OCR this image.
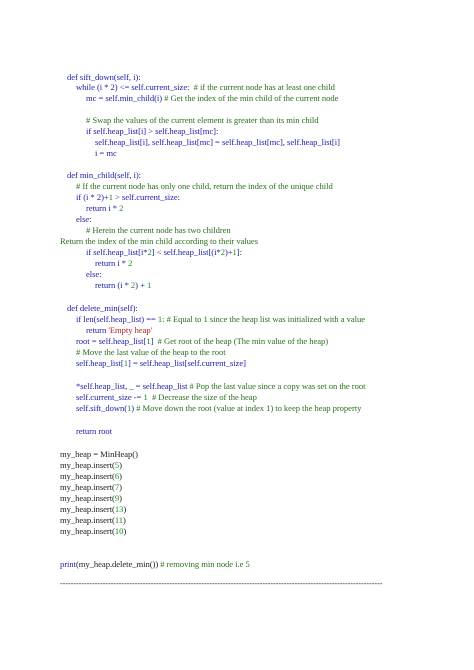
def sift_down(self, i):
while (i * 2) <= self.current_size:  # if the current node has at least one child
mc = self.min_child(i) # Get the index of the min child of the current node
# Swap the values of the current element is greater than its min child
if self.heap_list[i] > self.heap_list[mc]:
self.heap_list[i], self.heap_list[mc] = self.heap_list[mc], self.heap_list[i]
i = mc
def min_child(self, i):
# If the current node has only one child, return the index of the unique child
if (i * 2)+1 > self.current_size:
return i * 2
else:
# Herein the current node has two children
Return the index of the min child according to their values
if self.heap_list[i*2] < self.heap_list[(i*2)+1]:
return i * 2
else:
return (i * 2) + 1
def delete_min(self):
if len(self.heap_list) == 1: # Equal to 1 since the heap list was initialized with a value
return 'Empty heap'
root = self.heap_list[1]  # Get root of the heap (The min value of the heap)
# Move the last value of the heap to the root
self.heap_list[1] = self.heap_list[self.current_size]
*self.heap_list, _ = self.heap_list # Pop the last value since a copy was set on the root
self.current_size -= 1  # Decrease the size of the heap
self.sift_down(1) # Move down the root (value at index 1) to keep the heap property
return root
my_heap = MinHeap()
my_heap.insert(5)
my_heap.insert(6)
my_heap.insert(7)
my_heap.insert(9)
my_heap.insert(13)
my_heap.insert(11)
my_heap.insert(10)
print(my_heap.delete_min()) # removing min node i.e 5
-------------------------------------------------------------------------------------------------------------------------
